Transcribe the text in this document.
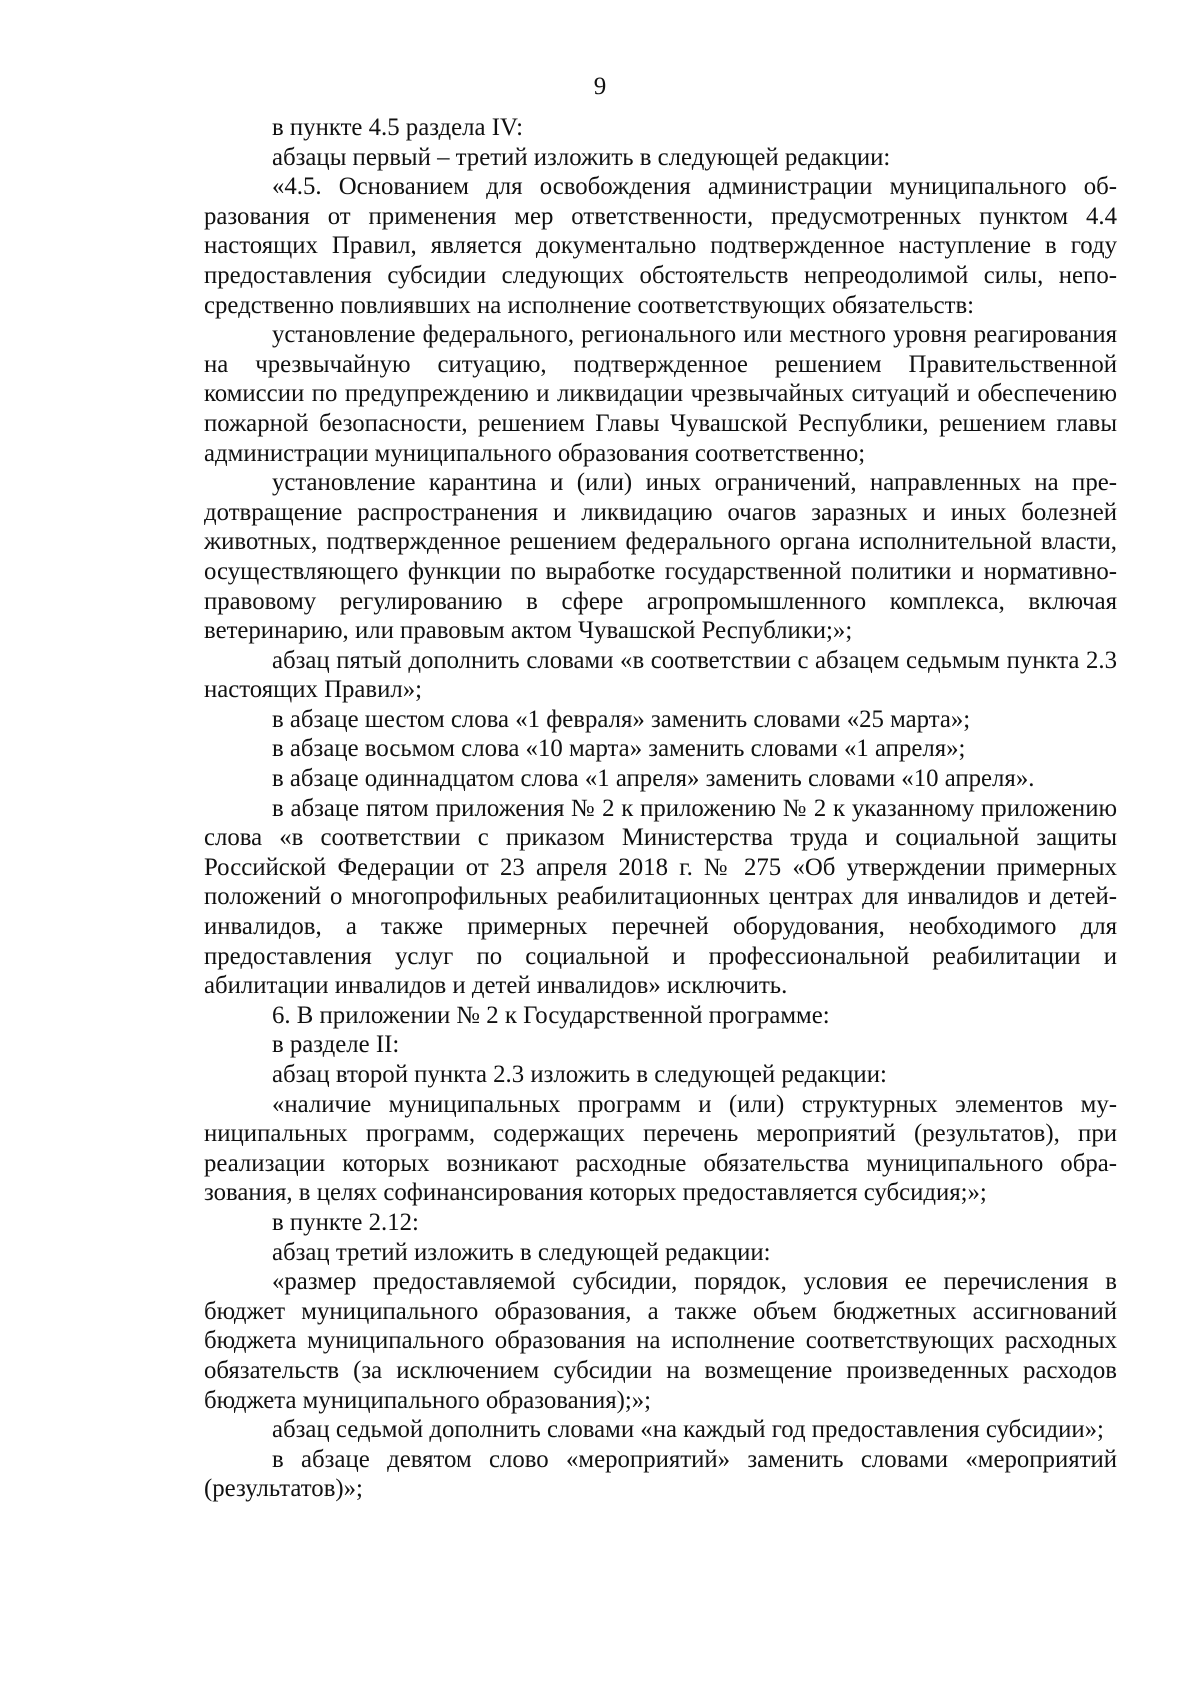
9

в пункте 4.5 раздела IV:

абзацы первый – третий изложить в следующей редакции:

«4.5. Основанием для освобождения администрации муниципального образования от применения мер ответственности, предусмотренных пунктом 4.4 настоящих Правил, является документально подтвержденное наступление в году предоставления субсидии следующих обстоятельств непреодолимой силы, непосредственно повлиявших на исполнение соответствующих обязательств:

установление федерального, регионального или местного уровня реагирования на чрезвычайную ситуацию, подтвержденное решением Правительственной комиссии по предупреждению и ликвидации чрезвычайных ситуаций и обеспечению пожарной безопасности, решением Главы Чувашской Республики, решением главы администрации муниципального образования соответственно;

установление карантина и (или) иных ограничений, направленных на предотвращение распространения и ликвидацию очагов заразных и иных болезней животных, подтвержденное решением федерального органа исполнительной власти, осуществляющего функции по выработке государственной политики и нормативно-правовому регулированию в сфере агропромышленного комплекса, включая ветеринарию, или правовым актом Чувашской Республики;»;

абзац пятый дополнить словами «в соответствии с абзацем седьмым пункта 2.3 настоящих Правил»;

в абзаце шестом слова «1 февраля» заменить словами «25 марта»;

в абзаце восьмом слова «10 марта» заменить словами «1 апреля»;

в абзаце одиннадцатом слова «1 апреля» заменить словами «10 апреля».

в абзаце пятом приложения № 2 к приложению № 2 к указанному приложению слова «в соответствии с приказом Министерства труда и социальной защиты Российской Федерации от 23 апреля 2018 г. № 275 «Об утверждении примерных положений о многопрофильных реабилитационных центрах для инвалидов и детей-инвалидов, а также примерных перечней оборудования, необходимого для предоставления услуг по социальной и профессиональной реабилитации и абилитации инвалидов и детей инвалидов» исключить.

6. В приложении № 2 к Государственной программе:

в разделе II:

абзац второй пункта 2.3 изложить в следующей редакции:

«наличие муниципальных программ и (или) структурных элементов муниципальных программ, содержащих перечень мероприятий (результатов), при реализации которых возникают расходные обязательства муниципального образования, в целях софинансирования которых предоставляется субсидия;»;

в пункте 2.12:

абзац третий изложить в следующей редакции:

«размер предоставляемой субсидии, порядок, условия ее перечисления в бюджет муниципального образования, а также объем бюджетных ассигнований бюджета муниципального образования на исполнение соответствующих расходных обязательств (за исключением субсидии на возмещение произведенных расходов бюджета муниципального образования);»;

абзац седьмой дополнить словами «на каждый год предоставления субсидии»;

в абзаце девятом слово «мероприятий» заменить словами «мероприятий (результатов)»;
